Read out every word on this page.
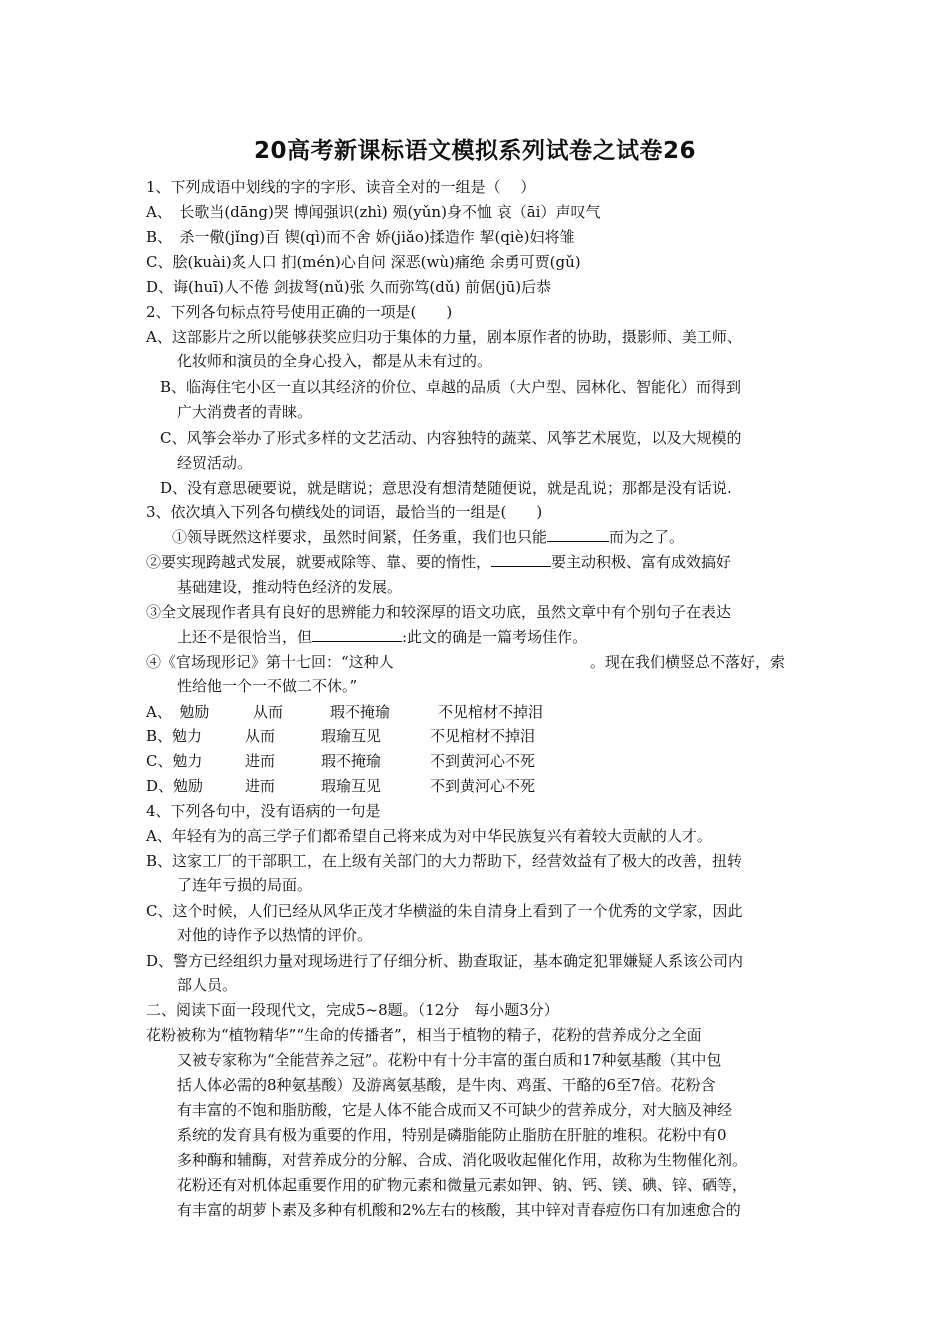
20高考新课标语文模拟系列试卷之试卷26
1、下列成语中划线的字的字形、读音全对的一组是（　 ）
A、　长歌当(dāng)哭 博闻强识(zhì) 殒(yǔn)身不恤 哀（āi）声叹气
B、　杀一儆(jǐng)百 锲(qì)而不舍 娇(jiǎo)揉造作 挈(qiè)妇将雏
C、脍(kuài)炙人口 扪(mén)心自问 深恶(wù)痛绝 余勇可贾(gǔ)
D、诲(huī)人不倦 剑拔弩(nǔ)张 久而弥笃(dǔ) 前倨(jū)后恭
2、下列各句标点符号使用正确的一项是(　　)
A、这部影片之所以能够获奖应归功于集体的力量，剧本原作者的协助，摄影师、美工师、
化妆师和演员的全身心投入，都是从未有过的。
B、临海住宅小区一直以其经济的价位、卓越的品质（大户型、园林化、智能化）而得到
广大消费者的青睐。
C、风筝会举办了形式多样的文艺活动、内容独特的蔬菜、风筝艺术展览，以及大规模的
经贸活动。
D、没有意思硬要说，就是瞎说；意思没有想清楚随便说，就是乱说；那都是没有话说.
3、依次填入下列各句横线处的词语，最恰当的一组是(　　)
①领导既然这样要求，虽然时间紧，任务重，我们也只能	而为之了。
②要实现跨越式发展，就要戒除等、靠、要的惰性，	要主动积极、富有成效搞好
基础建设，推动特色经济的发展。
③全文展现作者具有良好的思辨能力和较深厚的语文功底，虽然文章中有个别句子在表达
上还不是很恰当，但	:此文的确是一篇考场佳作。
④《官场现形记》第十七回：“这种人	。现在我们横竖总不落好，索
性给他一个一不做二不休。”
A、　勉励	从而	瑕不掩瑜	不见棺材不掉泪
B、勉力	从而	瑕瑜互见	不见棺材不掉泪
C、勉力	进而	瑕不掩瑜	不到黄河心不死
D、勉励	进而	瑕瑜互见	不到黄河心不死
4、下列各句中，没有语病的一句是
A、年轻有为的高三学子们都希望自己将来成为对中华民族复兴有着较大贡献的人才。
B、这家工厂的干部职工，在上级有关部门的大力帮助下，经营效益有了极大的改善，扭转
了连年亏损的局面。
C、这个时候，人们已经从风华正茂才华横溢的朱自清身上看到了一个优秀的文学家，因此
对他的诗作予以热情的评价。
D、警方已经组织力量对现场进行了仔细分析、勘查取证，基本确定犯罪嫌疑人系该公司内
部人员。
二、阅读下面一段现代文，完成5~8题。（12分　每小题3分）
花粉被称为“植物精华”“生命的传播者”，相当于植物的精子，花粉的营养成分之全面
又被专家称为“全能营养之冠”。花粉中有十分丰富的蛋白质和17种氨基酸（其中包
括人体必需的8种氨基酸）及游离氨基酸，是牛肉、鸡蛋、干酪的6至7倍。花粉含
有丰富的不饱和脂肪酸，它是人体不能合成而又不可缺少的营养成分，对大脑及神经
系统的发育具有极为重要的作用，特别是磷脂能防止脂肪在肝脏的堆积。花粉中有0
多种酶和辅酶，对营养成分的分解、合成、消化吸收起催化作用，故称为生物催化剂。
花粉还有对机体起重要作用的矿物元素和微量元素如钾、钠、钙、镁、碘、锌、硒等，
有丰富的胡萝卜素及多种有机酸和2%左右的核酸，其中锌对青春痘伤口有加速愈合的
